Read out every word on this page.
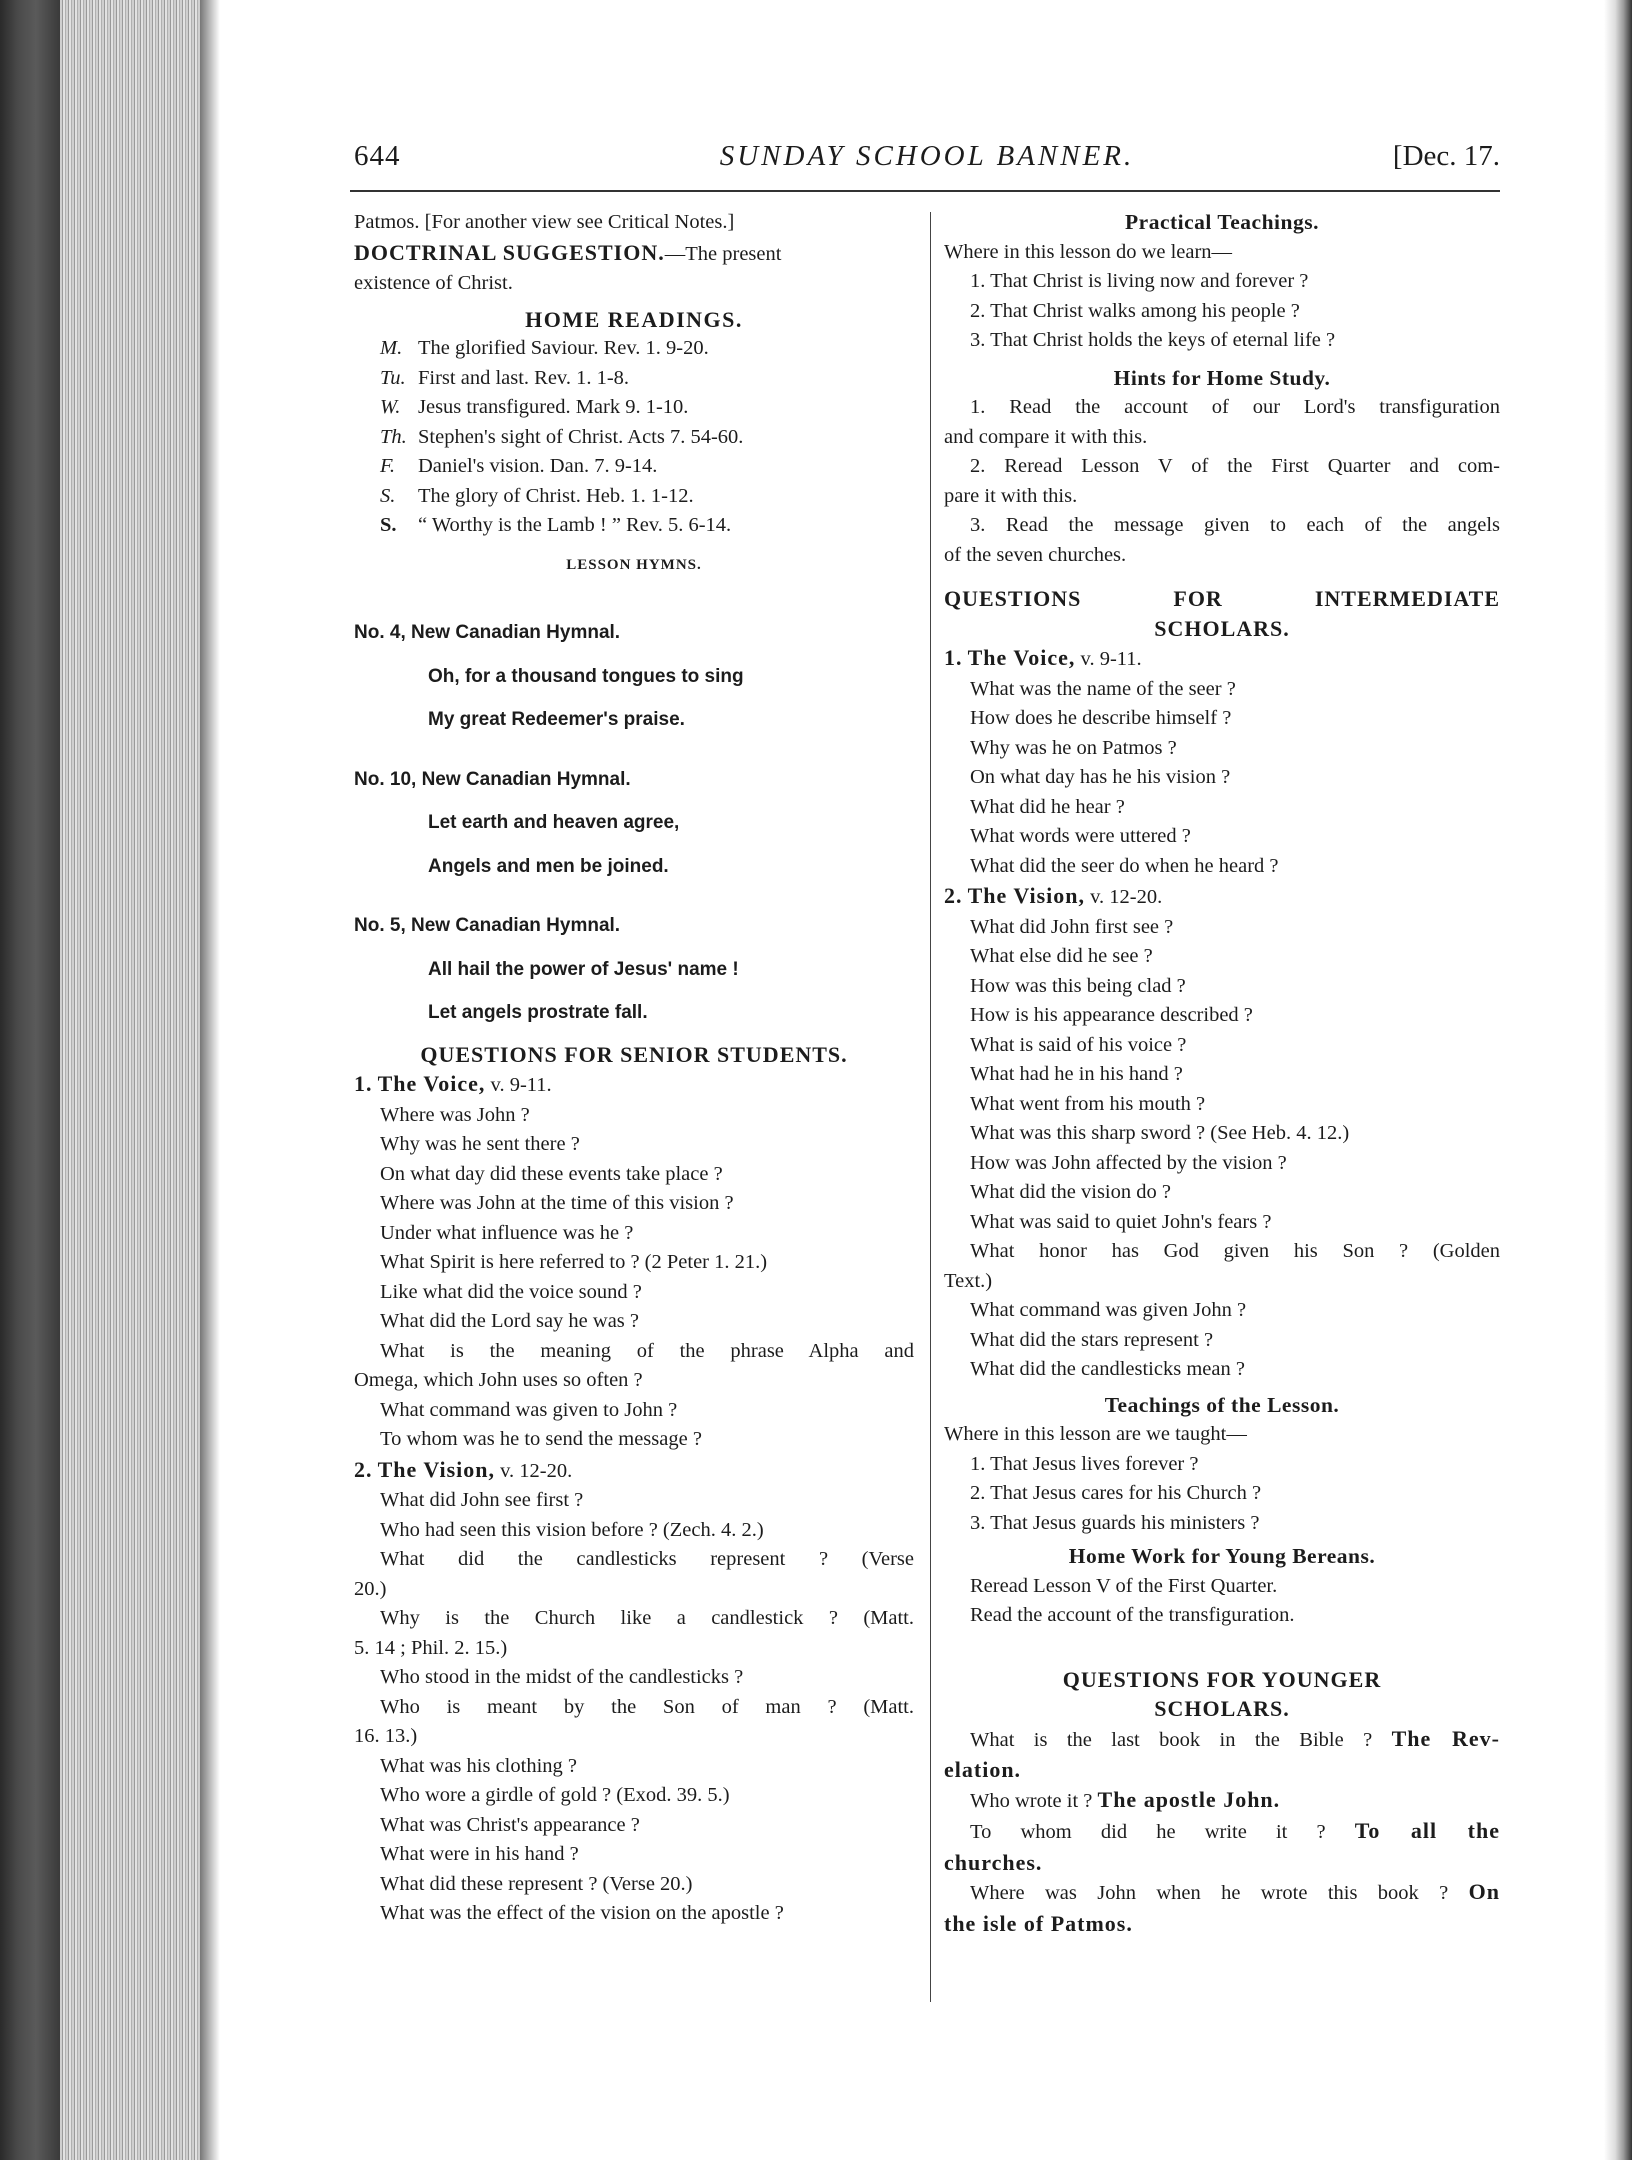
644	SUNDAY SCHOOL BANNER.	[Dec. 17.
Patmos. [For another view see Critical Notes.]
DOCTRINAL SUGGESTION.—The present
existence of Christ.
HOME READINGS.
M. The glorified Saviour. Rev. 1. 9-20.
Tu. First and last. Rev. 1. 1-8.
W. Jesus transfigured. Mark 9. 1-10.
Th. Stephen's sight of Christ. Acts 7. 54-60.
F. Daniel's vision. Dan. 7. 9-14.
S. The glory of Christ. Heb. 1. 1-12.
S. “ Worthy is the Lamb ! ” Rev. 5. 6-14.
LESSON HYMNS.
No. 4, New Canadian Hymnal.
Oh, for a thousand tongues to sing
My great Redeemer's praise.
No. 10, New Canadian Hymnal.
Let earth and heaven agree,
Angels and men be joined.
No. 5, New Canadian Hymnal.
All hail the power of Jesus' name !
Let angels prostrate fall.
QUESTIONS FOR SENIOR STUDENTS.
1. The Voice, v. 9-11.
Where was John ?
Why was he sent there ?
On what day did these events take place ?
Where was John at the time of this vision ?
Under what influence was he ?
What Spirit is here referred to ? (2 Peter 1. 21.)
Like what did the voice sound ?
What did the Lord say he was ?
What is the meaning of the phrase Alpha and
Omega, which John uses so often ?
What command was given to John ?
To whom was he to send the message ?
2. The Vision, v. 12-20.
What did John see first ?
Who had seen this vision before ? (Zech. 4. 2.)
What did the candlesticks represent ? (Verse
20.)
Why is the Church like a candlestick ? (Matt.
5. 14 ; Phil. 2. 15.)
Who stood in the midst of the candlesticks ?
Who is meant by the Son of man ? (Matt.
16. 13.)
What was his clothing ?
Who wore a girdle of gold ? (Exod. 39. 5.)
What was Christ's appearance ?
What were in his hand ?
What did these represent ? (Verse 20.)
What was the effect of the vision on the apostle ?
Practical Teachings.
Where in this lesson do we learn—
1. That Christ is living now and forever ?
2. That Christ walks among his people ?
3. That Christ holds the keys of eternal life ?
Hints for Home Study.
1. Read the account of our Lord's transfiguration
and compare it with this.
2. Reread Lesson V of the First Quarter and com-
pare it with this.
3. Read the message given to each of the angels
of the seven churches.
QUESTIONS FOR INTERMEDIATE
SCHOLARS.
1. The Voice, v. 9-11.
What was the name of the seer ?
How does he describe himself ?
Why was he on Patmos ?
On what day has he his vision ?
What did he hear ?
What words were uttered ?
What did the seer do when he heard ?
2. The Vision, v. 12-20.
What did John first see ?
What else did he see ?
How was this being clad ?
How is his appearance described ?
What is said of his voice ?
What had he in his hand ?
What went from his mouth ?
What was this sharp sword ? (See Heb. 4. 12.)
How was John affected by the vision ?
What did the vision do ?
What was said to quiet John's fears ?
What honor has God given his Son ? (Golden
Text.)
What command was given John ?
What did the stars represent ?
What did the candlesticks mean ?
Teachings of the Lesson.
Where in this lesson are we taught—
1. That Jesus lives forever ?
2. That Jesus cares for his Church ?
3. That Jesus guards his ministers ?
Home Work for Young Bereans.
Reread Lesson V of the First Quarter.
Read the account of the transfiguration.
QUESTIONS FOR YOUNGER
SCHOLARS.
What is the last book in the Bible ? The Rev-
elation.
Who wrote it ? The apostle John.
To whom did he write it ? To all the
churches.
Where was John when he wrote this book ? On
the isle of Patmos.
